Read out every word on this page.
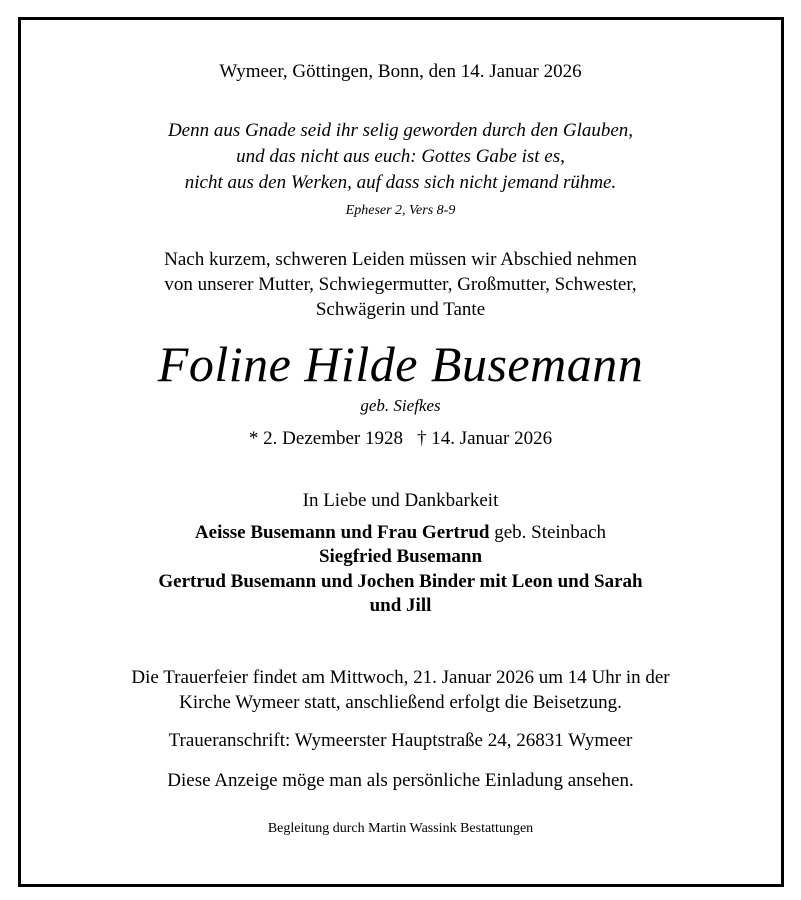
Wymeer, Göttingen, Bonn, den 14. Januar 2026
Denn aus Gnade seid ihr selig geworden durch den Glauben,
und das nicht aus euch: Gottes Gabe ist es,
nicht aus den Werken, auf dass sich nicht jemand rühme.
Epheser 2, Vers 8-9
Nach kurzem, schweren Leiden müssen wir Abschied nehmen
von unserer Mutter, Schwiegermutter, Großmutter, Schwester,
Schwägerin und Tante
Foline Hilde Busemann
geb. Siefkes
* 2. Dezember 1928 † 14. Januar 2026
In Liebe und Dankbarkeit
Aeisse Busemann und Frau Gertrud geb. Steinbach
Siegfried Busemann
Gertrud Busemann und Jochen Binder mit Leon und Sarah
und Jill
Die Trauerfeier findet am Mittwoch, 21. Januar 2026 um 14 Uhr in der
Kirche Wymeer statt, anschließend erfolgt die Beisetzung.
Traueranschrift: Wymeerster Hauptstraße 24, 26831 Wymeer
Diese Anzeige möge man als persönliche Einladung ansehen.
Begleitung durch Martin Wassink Bestattungen
